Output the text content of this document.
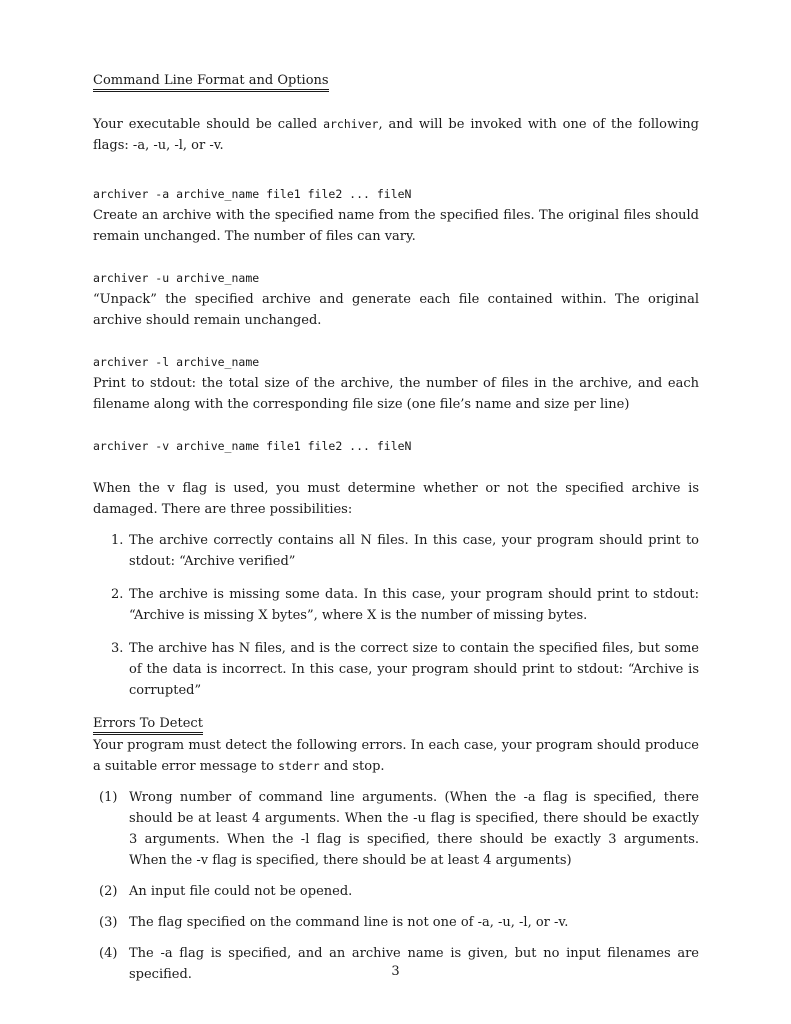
Command Line Format and Options

Your executable should be called archiver, and will be invoked with one of the following flags: -a, -u, -l, or -v.

archiver -a archive_name file1 file2 ... fileN

Create an archive with the specified name from the specified files. The original files should remain unchanged. The number of files can vary.

archiver -u archive_name

“Unpack” the specified archive and generate each file contained within. The original archive should remain unchanged.

archiver -l archive_name

Print to stdout: the total size of the archive, the number of files in the archive, and each filename along with the corresponding file size (one file’s name and size per line)

archiver -v archive_name file1 file2 ... fileN

When the v flag is used, you must determine whether or not the specified archive is damaged. There are three possibilities:

1. The archive correctly contains all N files. In this case, your program should print to stdout: “Archive verified”
2. The archive is missing some data. In this case, your program should print to stdout: “Archive is missing X bytes”, where X is the number of missing bytes.
3. The archive has N files, and is the correct size to contain the specified files, but some of the data is incorrect. In this case, your program should print to stdout: “Archive is corrupted”
Errors To Detect

Your program must detect the following errors. In each case, your program should produce a suitable error message to stderr and stop.

(1) Wrong number of command line arguments. (When the -a flag is specified, there should be at least 4 arguments. When the -u flag is specified, there should be exactly 3 arguments. When the -l flag is specified, there should be exactly 3 arguments. When the -v flag is specified, there should be at least 4 arguments)
(2) An input file could not be opened.
(3) The flag specified on the command line is not one of -a, -u, -l, or -v.
(4) The -a flag is specified, and an archive name is given, but no input filenames are specified.	3
